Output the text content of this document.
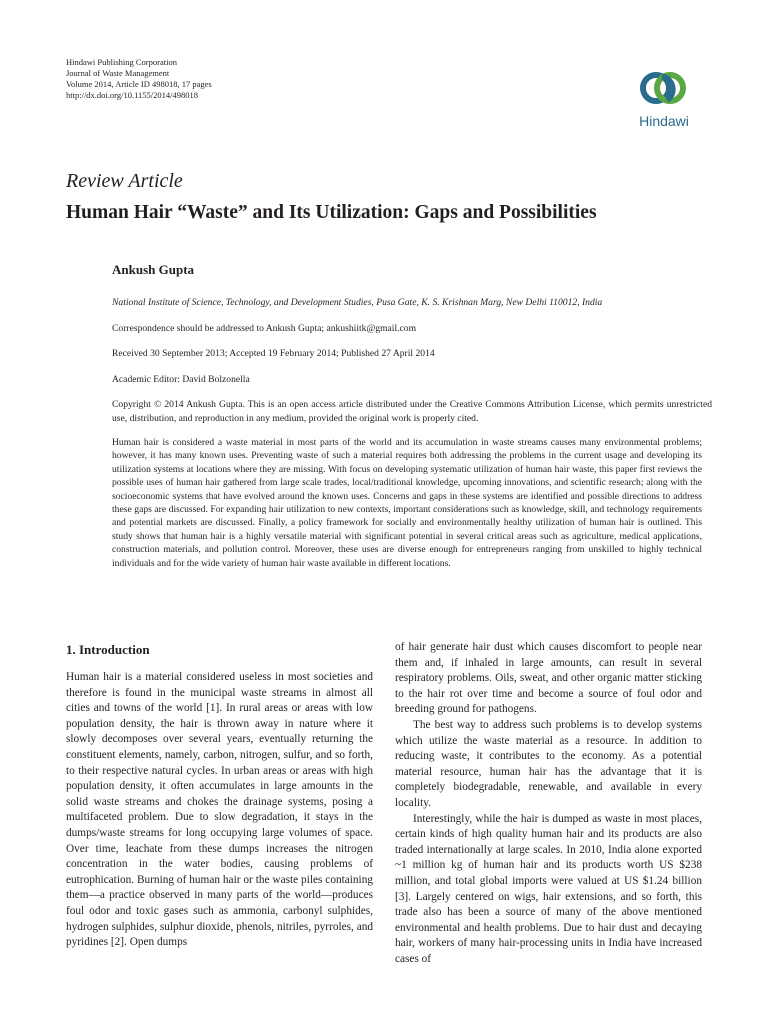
Hindawi Publishing Corporation
Journal of Waste Management
Volume 2014, Article ID 498018, 17 pages
http://dx.doi.org/10.1155/2014/498018
Hindawi
Review Article
Human Hair “Waste” and Its Utilization: Gaps and Possibilities
Ankush Gupta
National Institute of Science, Technology, and Development Studies, Pusa Gate, K. S. Krishnan Marg, New Delhi 110012, India
Correspondence should be addressed to Ankush Gupta; ankushiitk@gmail.com
Received 30 September 2013; Accepted 19 February 2014; Published 27 April 2014
Academic Editor: David Bolzonella
Copyright © 2014 Ankush Gupta. This is an open access article distributed under the Creative Commons Attribution License, which permits unrestricted use, distribution, and reproduction in any medium, provided the original work is properly cited.
Human hair is considered a waste material in most parts of the world and its accumulation in waste streams causes many environmental problems; however, it has many known uses. Preventing waste of such a material requires both addressing the problems in the current usage and developing its utilization systems at locations where they are missing. With focus on developing systematic utilization of human hair waste, this paper first reviews the possible uses of human hair gathered from large scale trades, local/traditional knowledge, upcoming innovations, and scientific research; along with the socioeconomic systems that have evolved around the known uses. Concerns and gaps in these systems are identified and possible directions to address these gaps are discussed. For expanding hair utilization to new contexts, important considerations such as knowledge, skill, and technology requirements and potential markets are discussed. Finally, a policy framework for socially and environmentally healthy utilization of human hair is outlined. This study shows that human hair is a highly versatile material with significant potential in several critical areas such as agriculture, medical applications, construction materials, and pollution control. Moreover, these uses are diverse enough for entrepreneurs ranging from unskilled to highly technical individuals and for the wide variety of human hair waste available in different locations.
1. Introduction

Human hair is a material considered useless in most societies and therefore is found in the municipal waste streams in almost all cities and towns of the world [1]. In rural areas or areas with low population density, the hair is thrown away in nature where it slowly decomposes over several years, eventually returning the constituent elements, namely, carbon, nitrogen, sulfur, and so forth, to their respective natural cycles. In urban areas or areas with high population density, it often accumulates in large amounts in the solid waste streams and chokes the drainage systems, posing a multifaceted problem. Due to slow degradation, it stays in the dumps/waste streams for long occupying large volumes of space. Over time, leachate from these dumps increases the nitrogen concentration in the water bodies, causing problems of eutrophication. Burning of human hair or the waste piles containing them—a practice observed in many parts of the world—produces foul odor and toxic gases such as ammonia, carbonyl sulphides, hydrogen sulphides, sulphur dioxide, phenols, nitriles, pyrroles, and pyridines [2]. Open dumps

of hair generate hair dust which causes discomfort to people near them and, if inhaled in large amounts, can result in several respiratory problems. Oils, sweat, and other organic matter sticking to the hair rot over time and become a source of foul odor and breeding ground for pathogens.

The best way to address such problems is to develop systems which utilize the waste material as a resource. In addition to reducing waste, it contributes to the economy. As a potential material resource, human hair has the advantage that it is completely biodegradable, renewable, and available in every locality.

Interestingly, while the hair is dumped as waste in most places, certain kinds of high quality human hair and its products are also traded internationally at large scales. In 2010, India alone exported ~1 million kg of human hair and its products worth US $238 million, and total global imports were valued at US $1.24 billion [3]. Largely centered on wigs, hair extensions, and so forth, this trade also has been a source of many of the above mentioned environmental and health problems. Due to hair dust and decaying hair, workers of many hair-processing units in India have increased cases of
